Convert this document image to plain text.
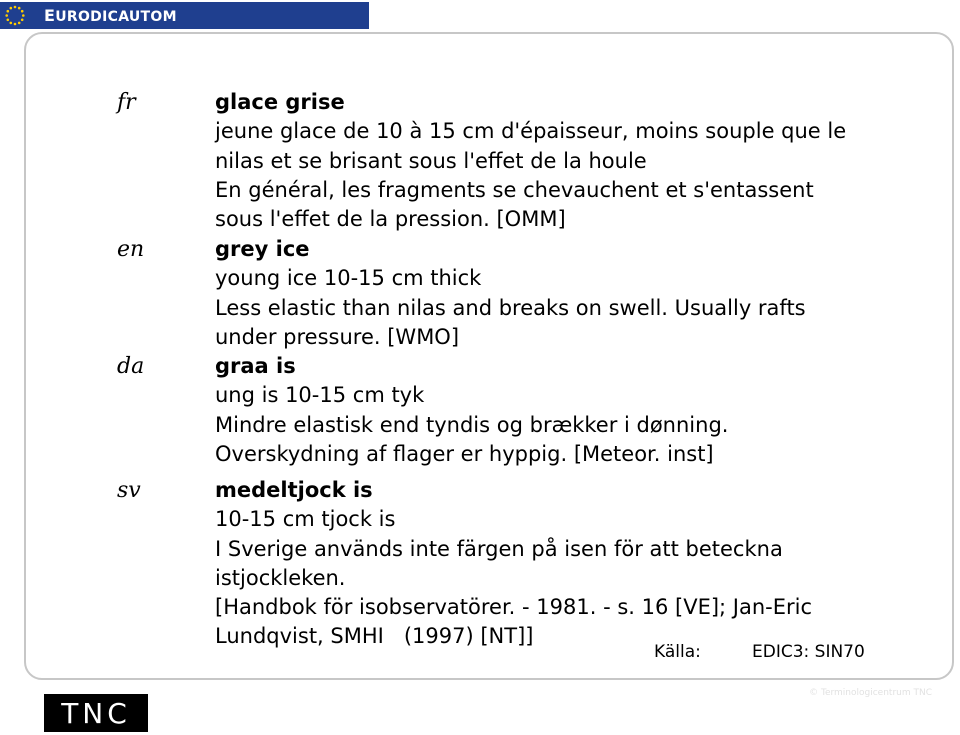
EURODICAUTOM
fr	glace grise
jeune glace de 10 à 15 cm d'épaisseur, moins souple que le
nilas et se brisant sous l'effet de la houle
En général, les fragments se chevauchent et s'entassent
sous l'effet de la pression. [OMM]
en	grey ice
young ice 10-15 cm thick
Less elastic than nilas and breaks on swell. Usually rafts
under pressure. [WMO]
da	graa is
ung is 10-15 cm tyk
Mindre elastisk end tyndis og brækker i dønning.
Overskydning af flager er hyppig. [Meteor. inst]
sv	medeltjock is
10-15 cm tjock is
I Sverige används inte färgen på isen för att beteckna
istjockleken.
[Handbok för isobservatörer. - 1981. - s. 16 [VE]; Jan-Eric
Lundqvist, SMHI   (1997) [NT]]
Källa:	EDIC3: SIN70
TNC
© Terminologicentrum TNC
